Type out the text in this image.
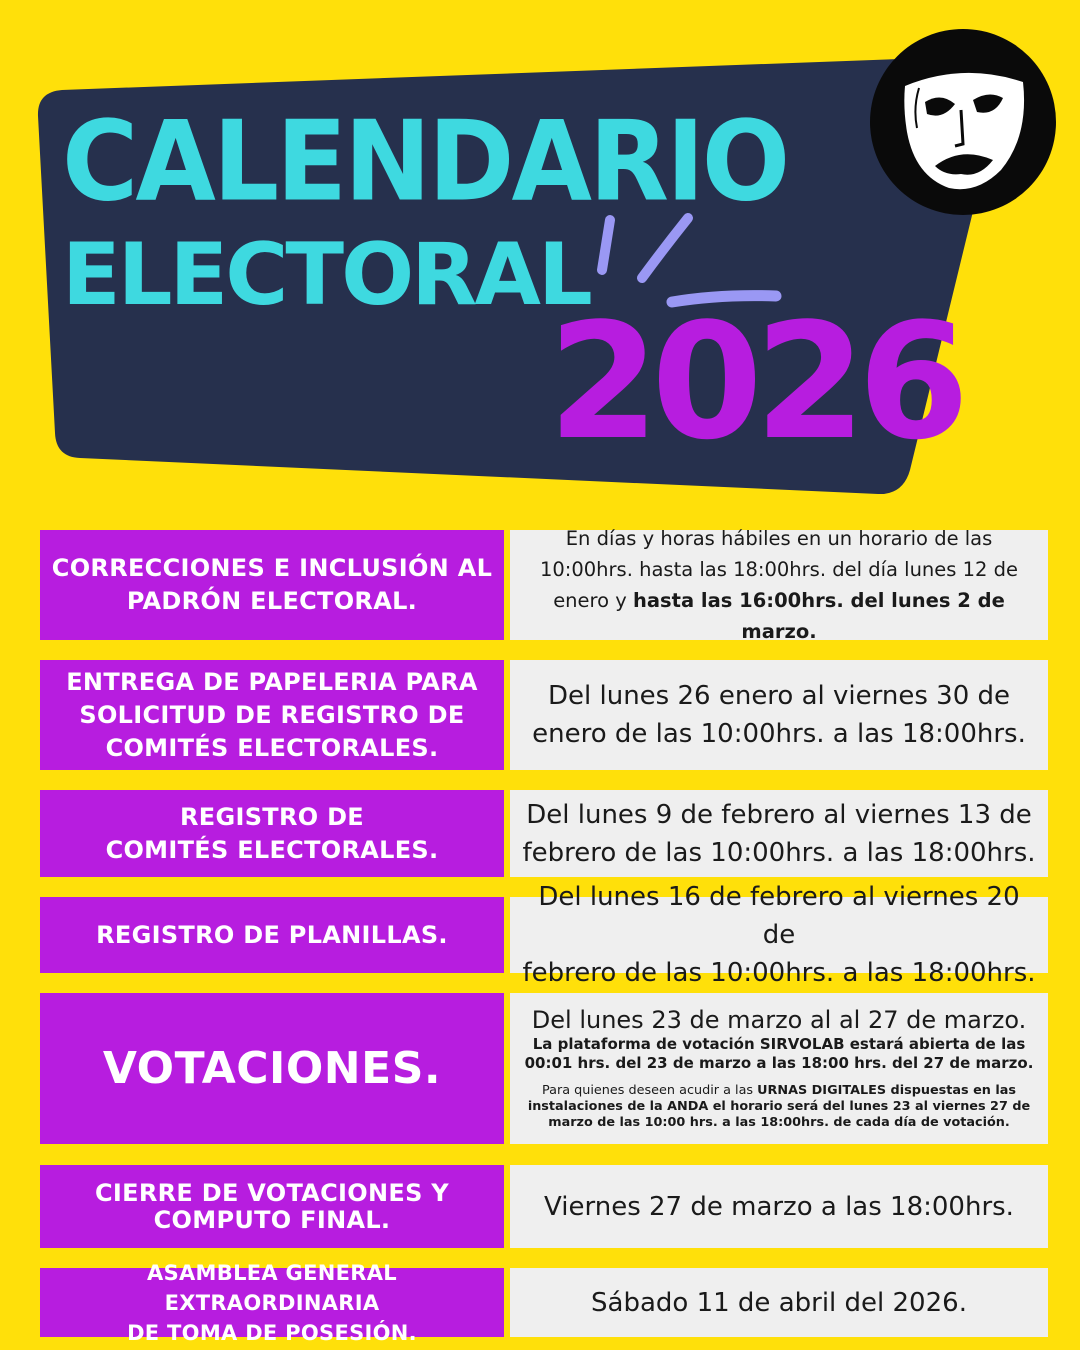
CALENDARIO
ELECTORAL
2026
CORRECCIONES E INCLUSIÓN AL
PADRÓN ELECTORAL.
En días y horas hábiles en un horario de las
10:00hrs. hasta las 18:00hrs. del día lunes 12 de
enero y hasta las 16:00hrs. del lunes 2 de marzo.
ENTREGA DE PAPELERIA PARA
SOLICITUD DE REGISTRO DE
COMITÉS ELECTORALES.
Del lunes 26 enero al viernes 30 de
enero de las 10:00hrs. a las 18:00hrs.
REGISTRO DE
COMITÉS ELECTORALES.
Del lunes 9 de febrero al viernes 13 de
febrero de las 10:00hrs. a las 18:00hrs.
REGISTRO DE PLANILLAS.
Del lunes 16 de febrero al viernes 20 de
febrero de las 10:00hrs. a las 18:00hrs.
VOTACIONES.
Del lunes 23 de marzo al al 27 de marzo.
La plataforma de votación SIRVOLAB estará abierta de las
00:01 hrs. del 23 de marzo a las 18:00 hrs. del 27 de marzo.
Para quienes deseen acudir a las URNAS DIGITALES dispuestas en las
instalaciones de la ANDA el horario será del lunes 23 al viernes 27 de
marzo de las 10:00 hrs. a las 18:00hrs. de cada día de votación.
CIERRE DE VOTACIONES Y
COMPUTO FINAL.	Viernes 27 de marzo a las 18:00hrs.
ASAMBLEA GENERAL EXTRAORDINARIA
DE TOMA DE POSESIÓN.
Sábado 11 de abril del 2026.
